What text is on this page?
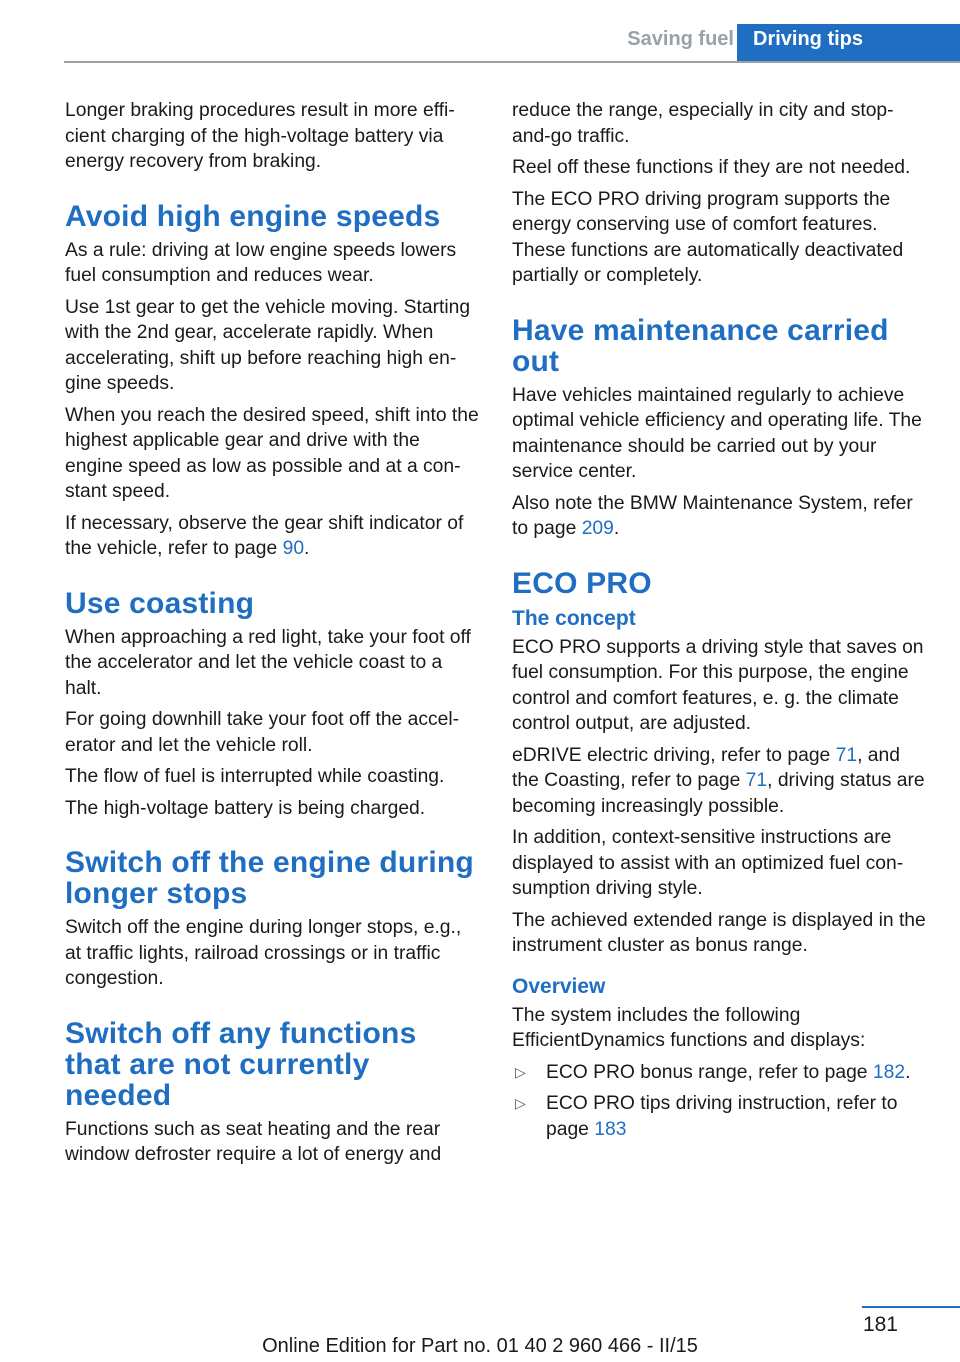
Saving fuel Driving tips

Longer braking procedures result in more efficient charging of the high-voltage battery via energy recovery from braking.

Avoid high engine speeds

As a rule: driving at low engine speeds lowers fuel consumption and reduces wear.

Use 1st gear to get the vehicle moving. Starting with the 2nd gear, accelerate rapidly. When accelerating, shift up before reaching high engine speeds.

When you reach the desired speed, shift into the highest applicable gear and drive with the engine speed as low as possible and at a constant speed.

If necessary, observe the gear shift indicator of the vehicle, refer to page 90.

Use coasting

When approaching a red light, take your foot off the accelerator and let the vehicle coast to a halt.

For going downhill take your foot off the accelerator and let the vehicle roll.

The flow of fuel is interrupted while coasting.

The high-voltage battery is being charged.

Switch off the engine during longer stops

Switch off the engine during longer stops, e.g., at traffic lights, railroad crossings or in traffic congestion.

Switch off any functions that are not currently needed

Functions such as seat heating and the rear window defroster require a lot of energy and

reduce the range, especially in city and stop-and-go traffic.

Reel off these functions if they are not needed.

The ECO PRO driving program supports the energy conserving use of comfort features. These functions are automatically deactivated partially or completely.

Have maintenance carried out

Have vehicles maintained regularly to achieve optimal vehicle efficiency and operating life. The maintenance should be carried out by your service center.

Also note the BMW Maintenance System, refer to page 209.

ECO PRO
The concept

ECO PRO supports a driving style that saves on fuel consumption. For this purpose, the engine control and comfort features, e. g. the climate control output, are adjusted.

eDRIVE electric driving, refer to page 71, and the Coasting, refer to page 71, driving status are becoming increasingly possible.

In addition, context-sensitive instructions are displayed to assist with an optimized fuel consumption driving style.

The achieved extended range is displayed in the instrument cluster as bonus range.

Overview

The system includes the following EfficientDynamics functions and displays:

▷ ECO PRO bonus range, refer to page 182.
▷ ECO PRO tips driving instruction, refer to page 183
181
Online Edition for Part no. 01 40 2 960 466 - II/15
